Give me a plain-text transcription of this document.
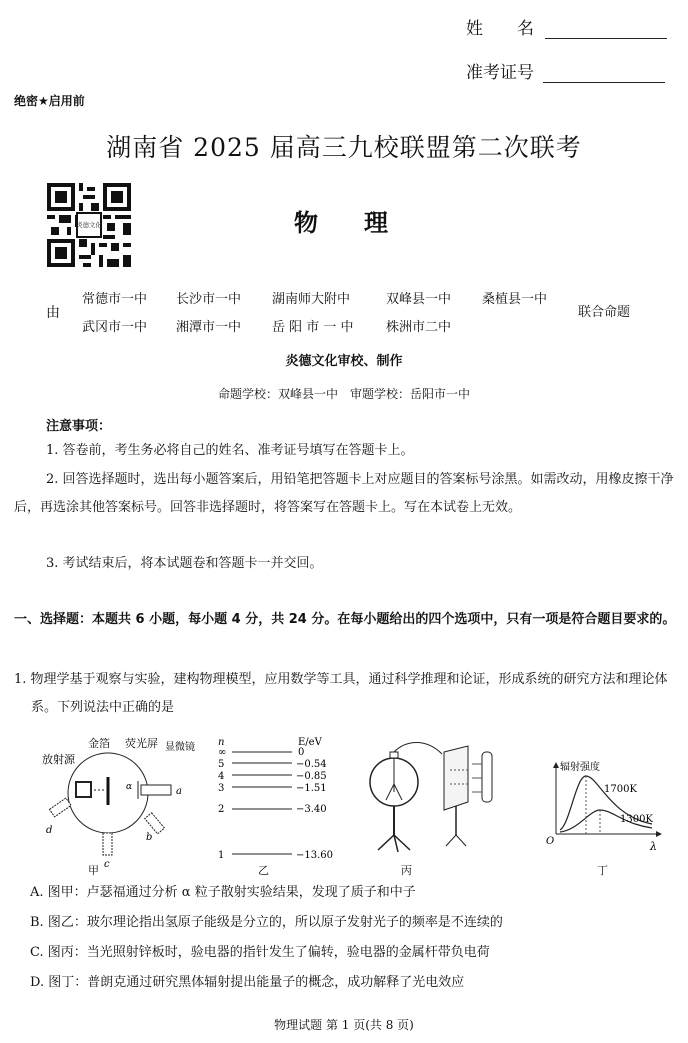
姓　　名
准考证号
绝密★启用前
湖南省 2025 届高三九校联盟第二次联考
炎德文化	物理
由
常德市一中 长沙市一中 湖南师大附中	双峰县一中 桑植县一中
武冈市一中 湘潭市一中 岳 阳 市 一 中 株洲市二中
联合命题
炎德文化审校、制作
命题学校：双峰县一中　审题学校：岳阳市一中
注意事项：
1. 答卷前，考生务必将自己的姓名、准考证号填写在答题卡上。
2. 回答选择题时，选出每小题答案后，用铅笔把答题卡上对应题目的答案标号涂黑。如需改动，用橡皮擦干净后，再选涂其他答案标号。回答非选择题时，将答案写在答题卡上。写在本试卷上无效。
3. 考试结束后，将本试题卷和答题卡一并交回。
一、选择题：本题共 6 小题，每小题 4 分，共 24 分。在每小题给出的四个选项中，只有一项是符合题目要求的。
1. 物理学基于观察与实验，建构物理模型，应用数学等工具，通过科学推理和论证，形成系统的研究方法和理论体系。下列说法中正确的是
金箔 荧光屏 显微镜
放射源
a
α
d
c
b
甲
n	E/eV
∞	0
5	−0.54
4	−0.85
3	−1.51
2	−3.40
1	−13.60
乙	丙
辐射强度
O	λ
1700K
1300K
丁
A. 图甲：卢瑟福通过分析 α 粒子散射实验结果，发现了质子和中子
B. 图乙：玻尔理论指出氢原子能级是分立的，所以原子发射光子的频率是不连续的
C. 图丙：当光照射锌板时，验电器的指针发生了偏转，验电器的金属杆带负电荷
D. 图丁：普朗克通过研究黑体辐射提出能量子的概念，成功解释了光电效应
物理试题 第 1 页(共 8 页)
